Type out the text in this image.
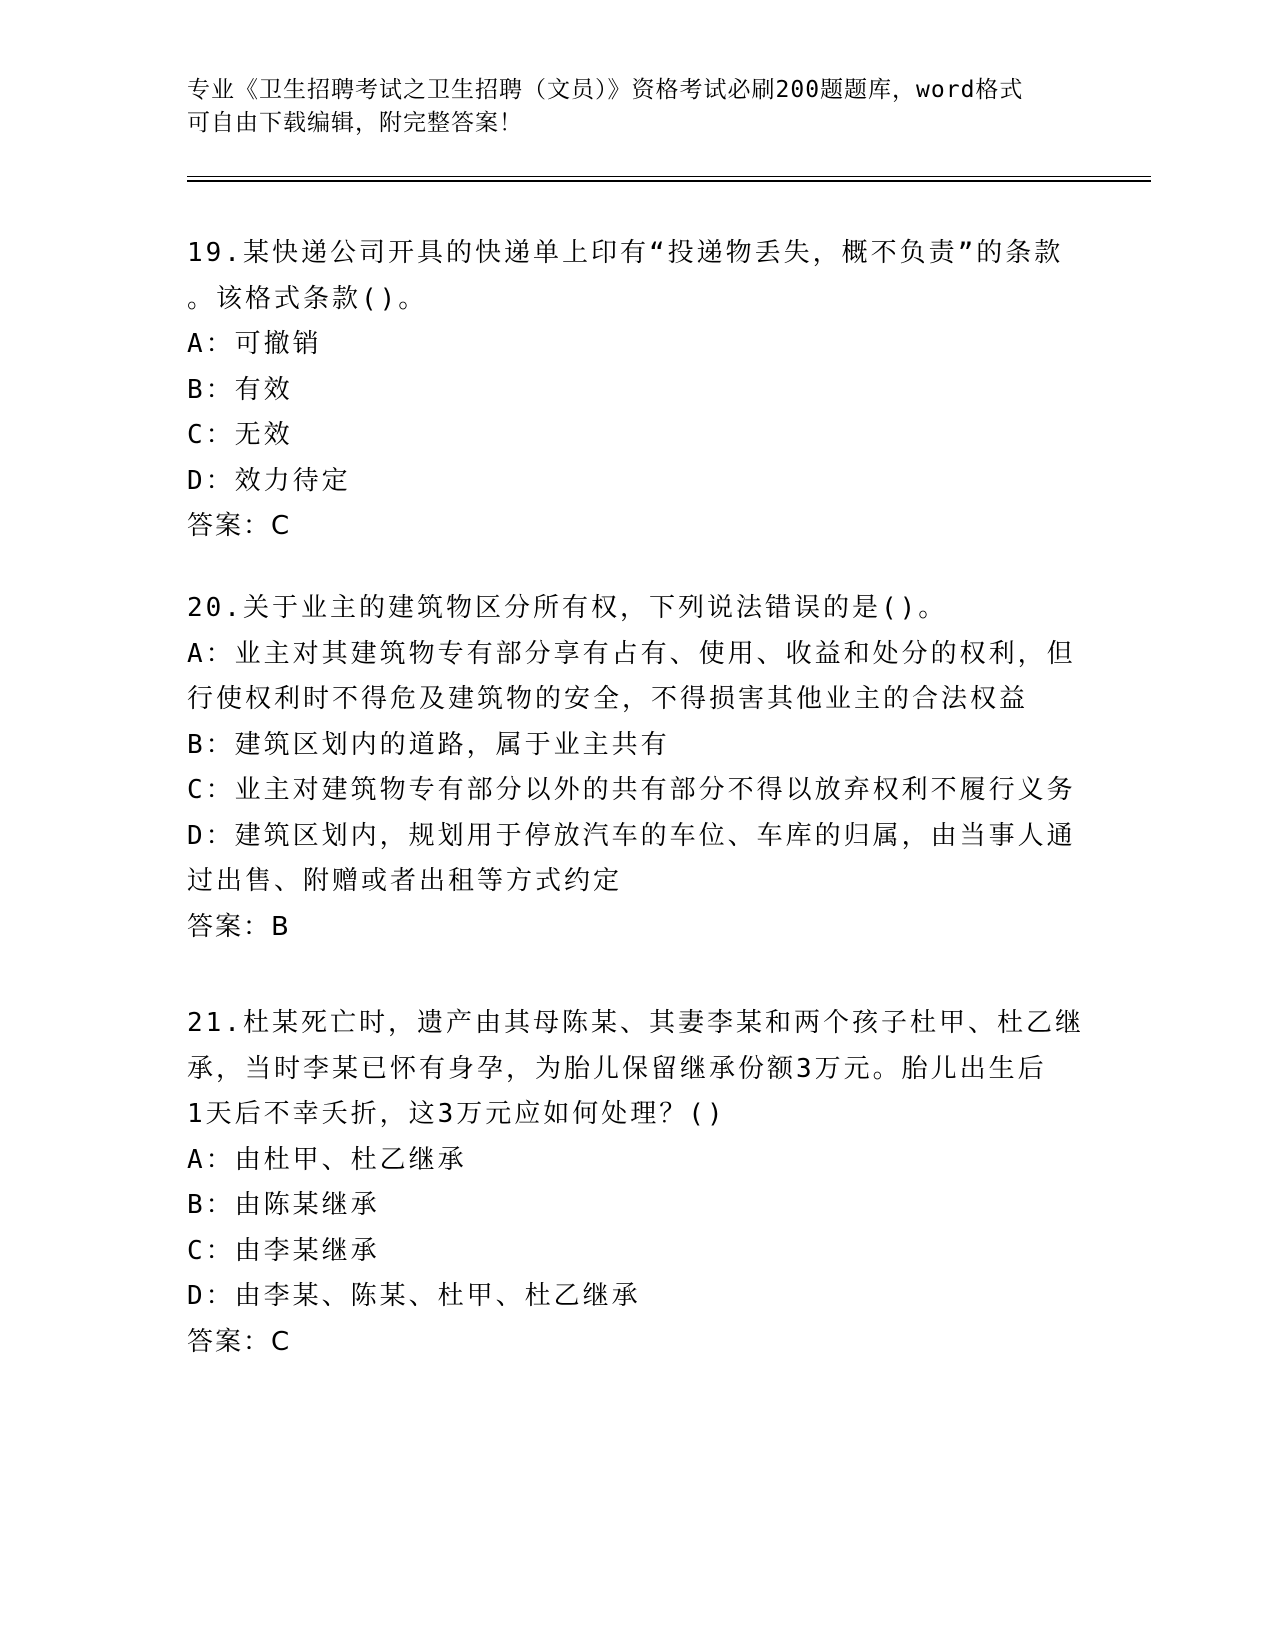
专业《卫生招聘考试之卫生招聘（文员）》资格考试必刷200题题库，word格式
可自由下载编辑，附完整答案！
19.某快递公司开具的快递单上印有“投递物丢失，概不负责”的条款
。该格式条款()。
A：可撤销
B：有效
C：无效
D：效力待定
答案：C
20.关于业主的建筑物区分所有权，下列说法错误的是()。
A：业主对其建筑物专有部分享有占有、使用、收益和处分的权利，但
行使权利时不得危及建筑物的安全，不得损害其他业主的合法权益
B：建筑区划内的道路，属于业主共有
C：业主对建筑物专有部分以外的共有部分不得以放弃权利不履行义务
D：建筑区划内，规划用于停放汽车的车位、车库的归属，由当事人通
过出售、附赠或者出租等方式约定
答案：B
21.杜某死亡时，遗产由其母陈某、其妻李某和两个孩子杜甲、杜乙继
承，当时李某已怀有身孕，为胎儿保留继承份额3万元。胎儿出生后
1天后不幸夭折，这3万元应如何处理？()
A：由杜甲、杜乙继承
B：由陈某继承
C：由李某继承
D：由李某、陈某、杜甲、杜乙继承
答案：C
